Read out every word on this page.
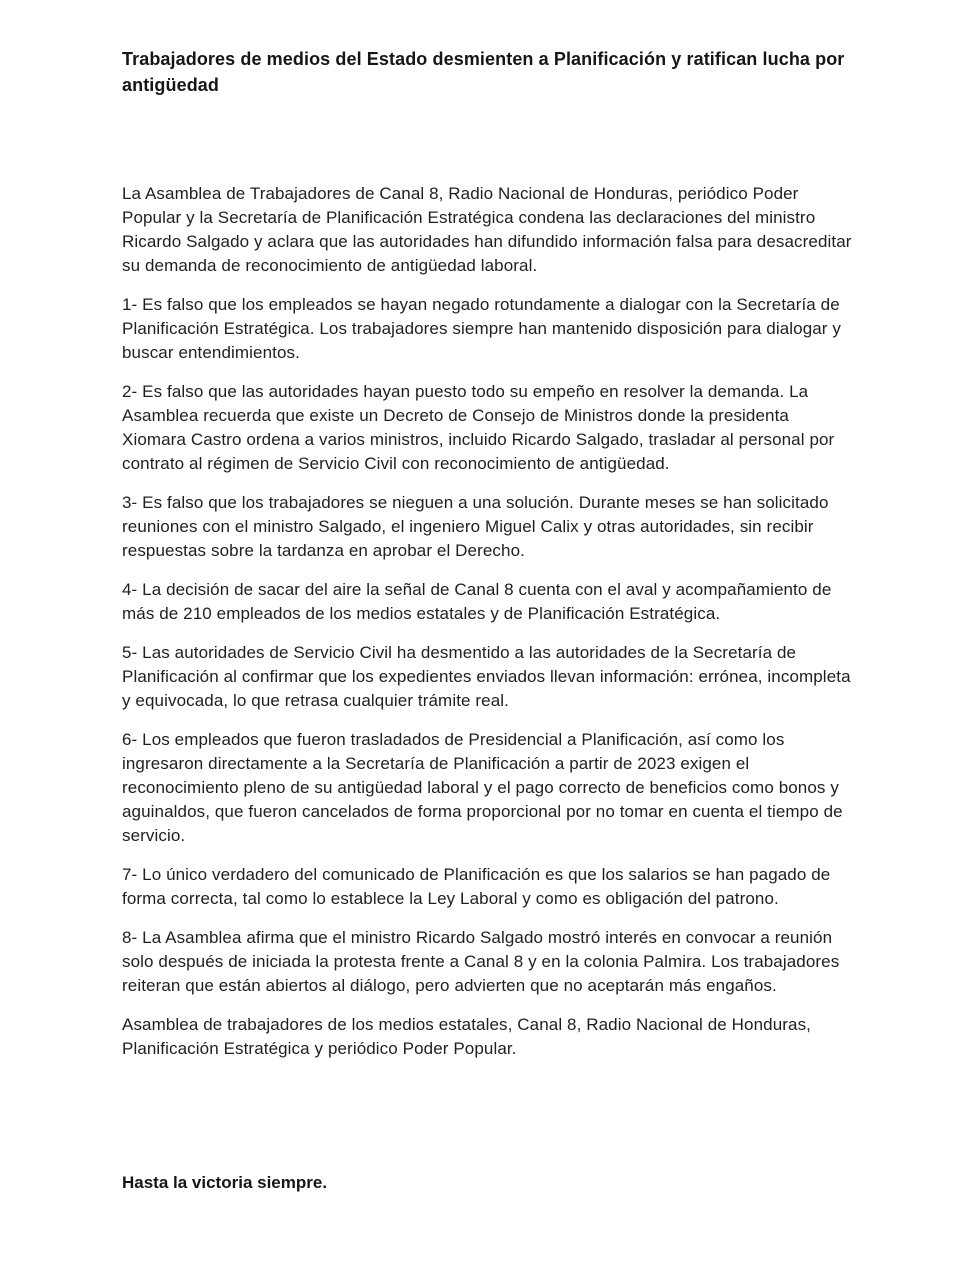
Trabajadores de medios del Estado desmienten a Planificación y ratifican lucha por antigüedad

La Asamblea de Trabajadores de Canal 8, Radio Nacional de Honduras, periódico Poder Popular y la Secretaría de Planificación Estratégica condena las declaraciones del ministro Ricardo Salgado y aclara que las autoridades han difundido información falsa para desacreditar su demanda de reconocimiento de antigüedad laboral.

1- Es falso que los empleados se hayan negado rotundamente a dialogar con la Secretaría de Planificación Estratégica. Los trabajadores siempre han mantenido disposición para dialogar y buscar entendimientos.

2- Es falso que las autoridades hayan puesto todo su empeño en resolver la demanda. La Asamblea recuerda que existe un Decreto de Consejo de Ministros donde la presidenta Xiomara Castro ordena a varios ministros, incluido Ricardo Salgado, trasladar al personal por contrato al régimen de Servicio Civil con reconocimiento de antigüedad.

3- Es falso que los trabajadores se nieguen a una solución. Durante meses se han solicitado reuniones con el ministro Salgado, el ingeniero Miguel Calix y otras autoridades, sin recibir respuestas sobre la tardanza en aprobar el Derecho.

4- La decisión de sacar del aire la señal de Canal 8 cuenta con el aval y acompañamiento de más de 210 empleados de los medios estatales y de Planificación Estratégica.

5- Las autoridades de Servicio Civil ha desmentido a las autoridades de la Secretaría de Planificación al confirmar que los expedientes enviados llevan información: errónea, incompleta y equivocada, lo que retrasa cualquier trámite real.

6- Los empleados que fueron trasladados de Presidencial a Planificación, así como los ingresaron directamente a la Secretaría de Planificación a partir de 2023 exigen el reconocimiento pleno de su antigüedad laboral y el pago correcto de beneficios como bonos y aguinaldos, que fueron cancelados de forma proporcional por no tomar en cuenta el tiempo de servicio.

7- Lo único verdadero del comunicado de Planificación es que los salarios se han pagado de forma correcta, tal como lo establece la Ley Laboral y como es obligación del patrono.

8- La Asamblea afirma que el ministro Ricardo Salgado mostró interés en convocar a reunión solo después de iniciada la protesta frente a Canal 8 y en la colonia Palmira. Los trabajadores reiteran que están abiertos al diálogo, pero advierten que no aceptarán más engaños.

Asamblea de trabajadores de los medios estatales, Canal 8, Radio Nacional de Honduras, Planificación Estratégica y periódico Poder Popular.

Hasta la victoria siempre.
